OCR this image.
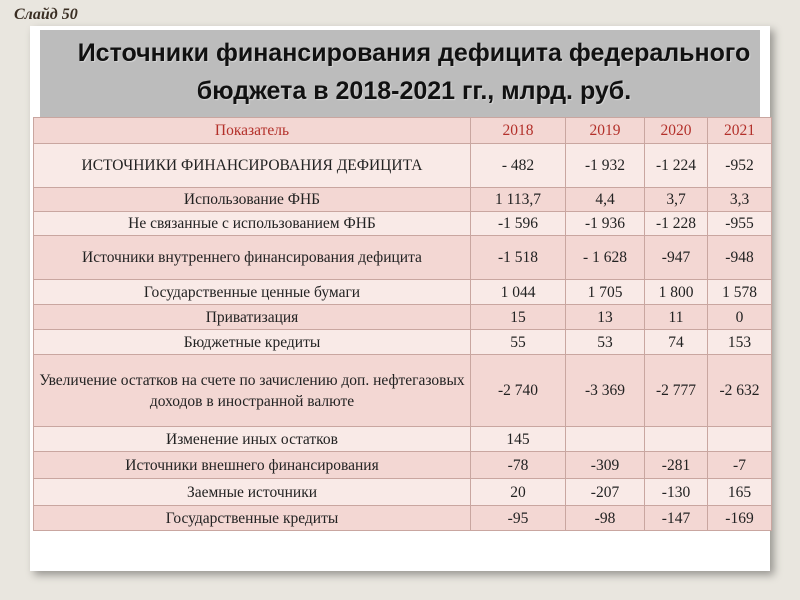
Слайд 50
Источники финансирования дефицита федерального бюджета в 2018-2021 гг., млрд. руб.
Показатель	2018	2019	2020	2021
ИСТОЧНИКИ ФИНАНСИРОВАНИЯ ДЕФИЦИТА	- 482	-1 932	-1 224	-952
Использование ФНБ	1 113,7	4,4	3,7	3,3
Не связанные с использованием ФНБ	-1 596	-1 936	-1 228	-955
Источники внутреннего финансирования дефицита	-1 518	- 1 628	-947	-948
Государственные ценные бумаги	1 044	1 705	1 800	1 578
Приватизация	15	13	11	0
Бюджетные кредиты	55	53	74	153
Увеличение остатков на счете по зачислению доп. нефтегазовых доходов в иностранной валюте	-2 740	-3 369	-2 777	-2 632
Изменение иных остатков	145			
Источники внешнего финансирования	-78	-309	-281	-7
Заемные источники	20	-207	-130	165
Государственные кредиты	-95	-98	-147	-169
